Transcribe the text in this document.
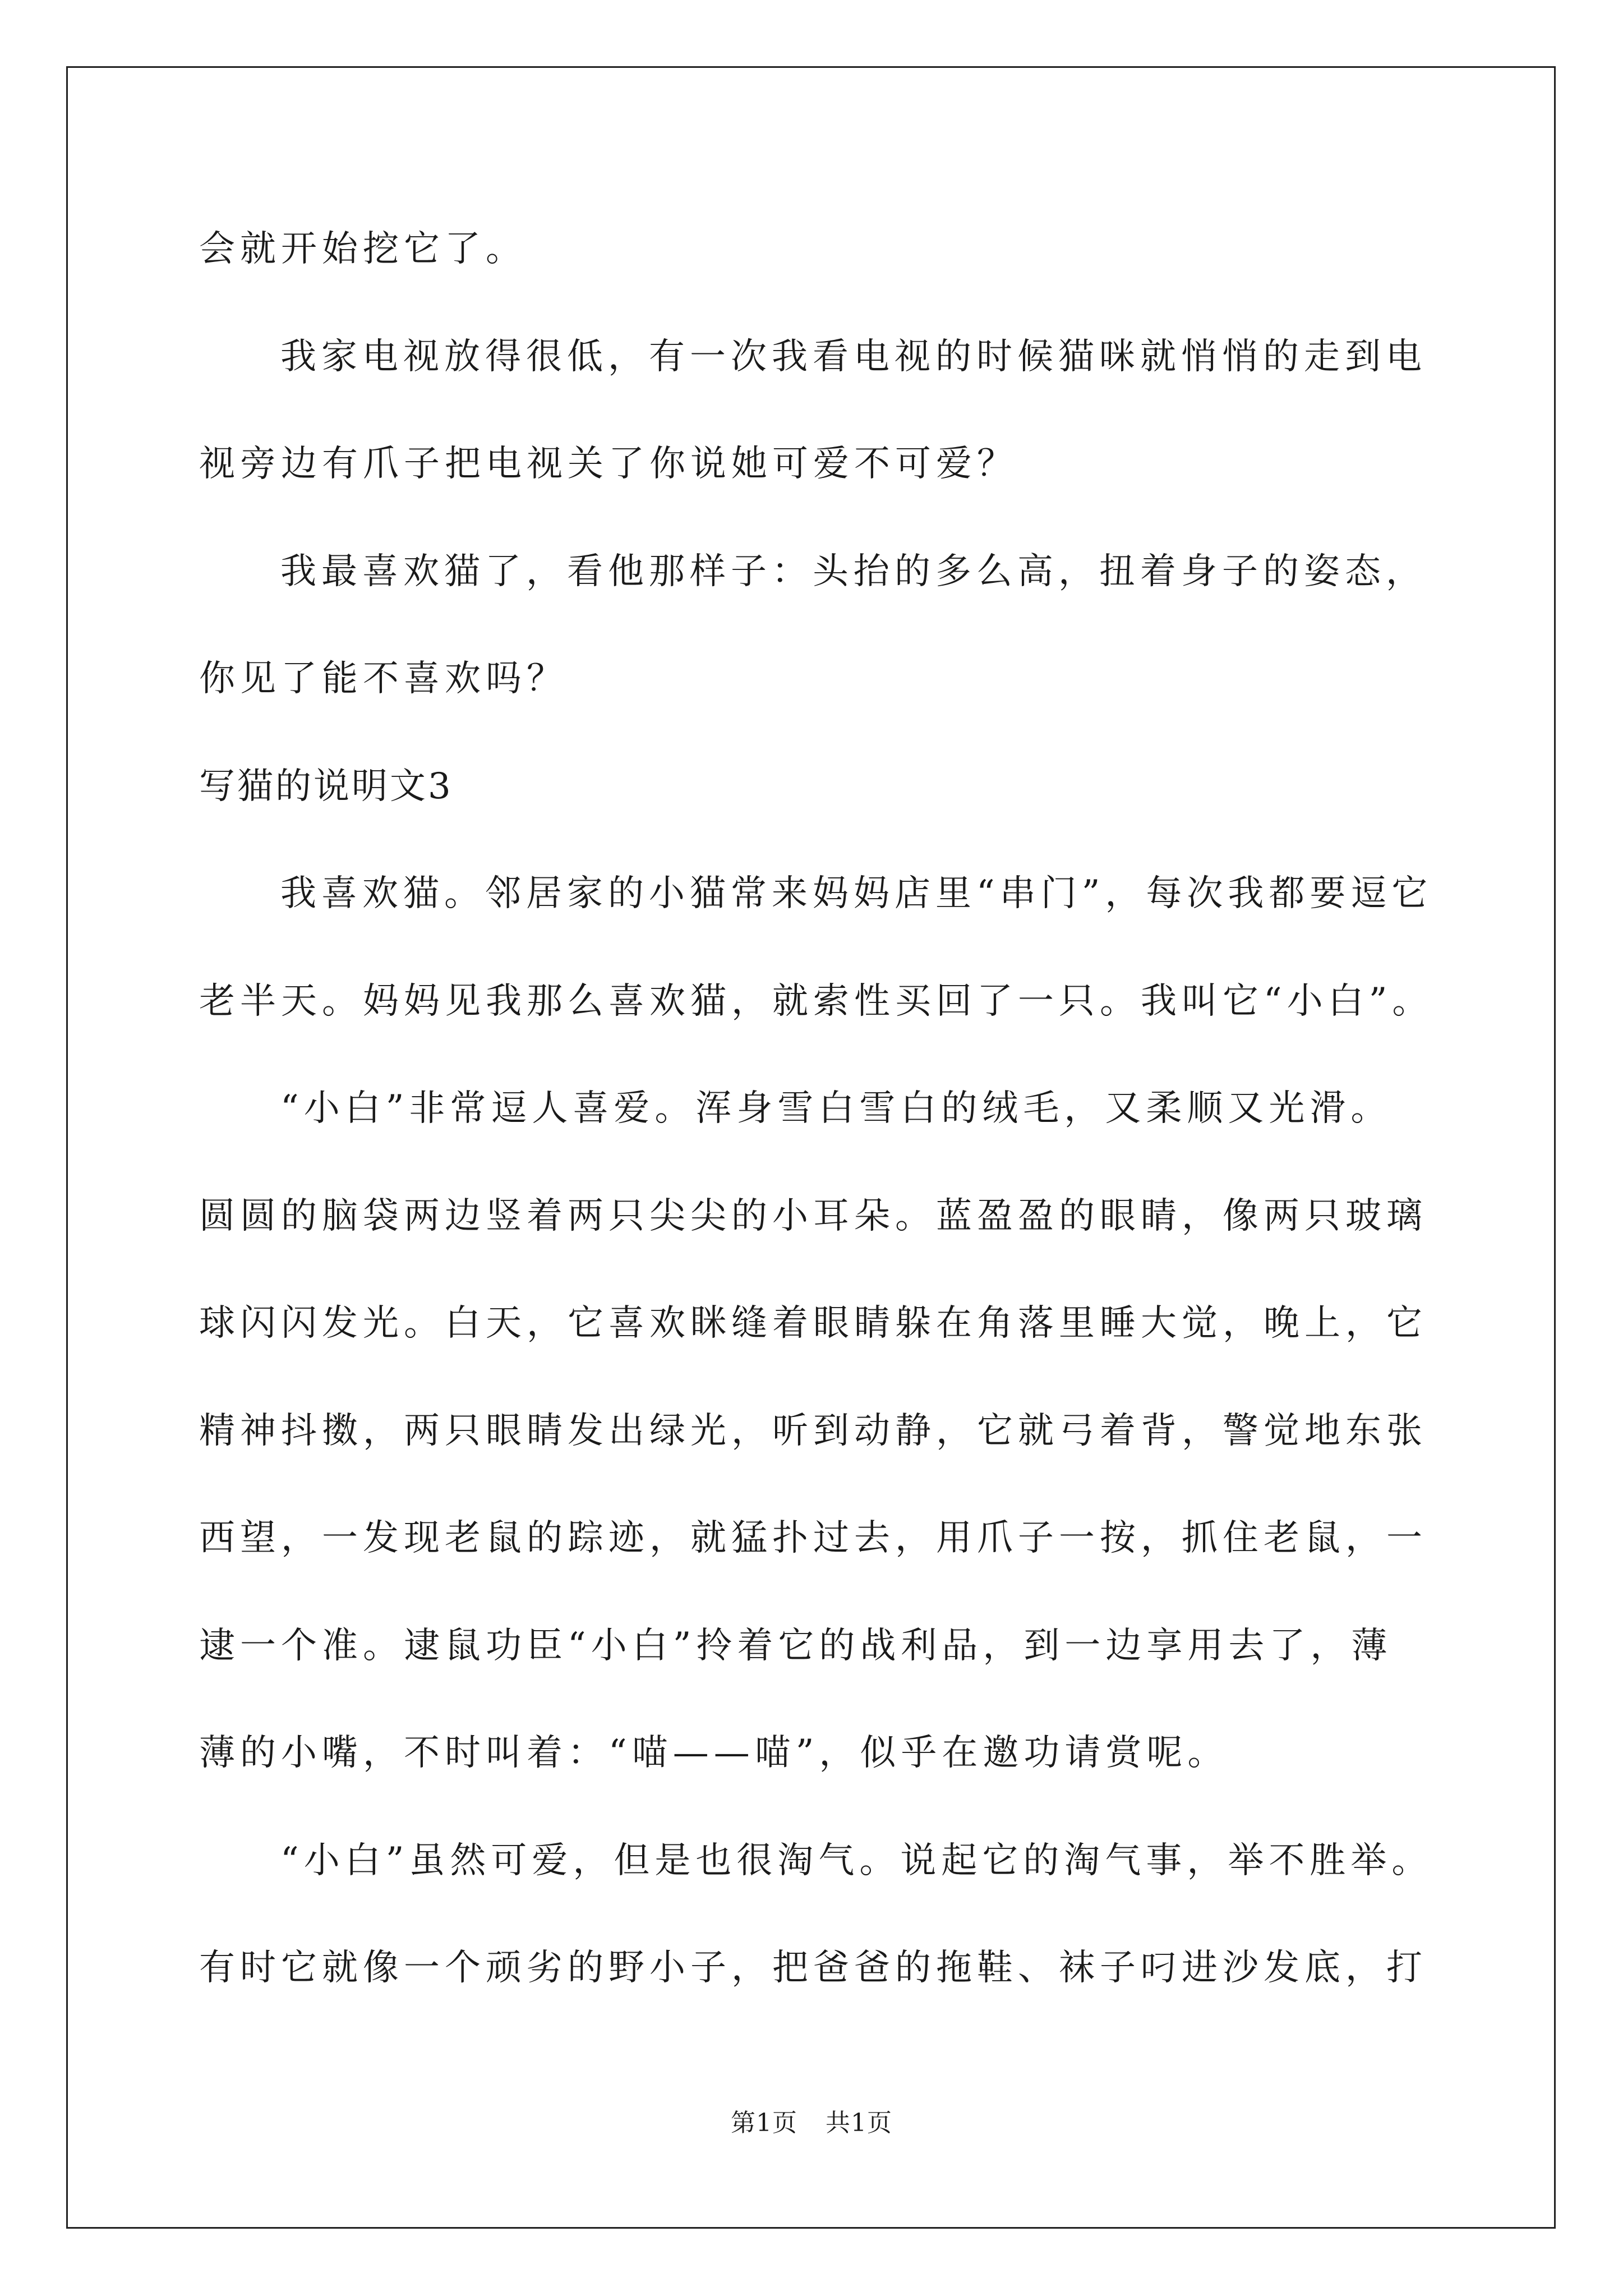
会就开始挖它了。
我家电视放得很低，有一次我看电视的时候猫咪就悄悄的走到电
视旁边有爪子把电视关了你说她可爱不可爱？
我最喜欢猫了，看他那样子：头抬的多么高，扭着身子的姿态，
你见了能不喜欢吗？
写猫的说明文3
我喜欢猫。邻居家的小猫常来妈妈店里“串门”，每次我都要逗它
老半天。妈妈见我那么喜欢猫，就索性买回了一只。我叫它“小白”。
“小白”非常逗人喜爱。浑身雪白雪白的绒毛，又柔顺又光滑。
圆圆的脑袋两边竖着两只尖尖的小耳朵。蓝盈盈的眼睛，像两只玻璃
球闪闪发光。白天，它喜欢眯缝着眼睛躲在角落里睡大觉，晚上，它
精神抖擞，两只眼睛发出绿光，听到动静，它就弓着背，警觉地东张
西望，一发现老鼠的踪迹，就猛扑过去，用爪子一按，抓住老鼠，一
逮一个准。逮鼠功臣“小白”拎着它的战利品，到一边享用去了，薄
薄的小嘴，不时叫着：“喵——喵”，似乎在邀功请赏呢。
“小白”虽然可爱，但是也很淘气。说起它的淘气事，举不胜举。
有时它就像一个顽劣的野小子，把爸爸的拖鞋、袜子叼进沙发底，打
第1页 共1页
